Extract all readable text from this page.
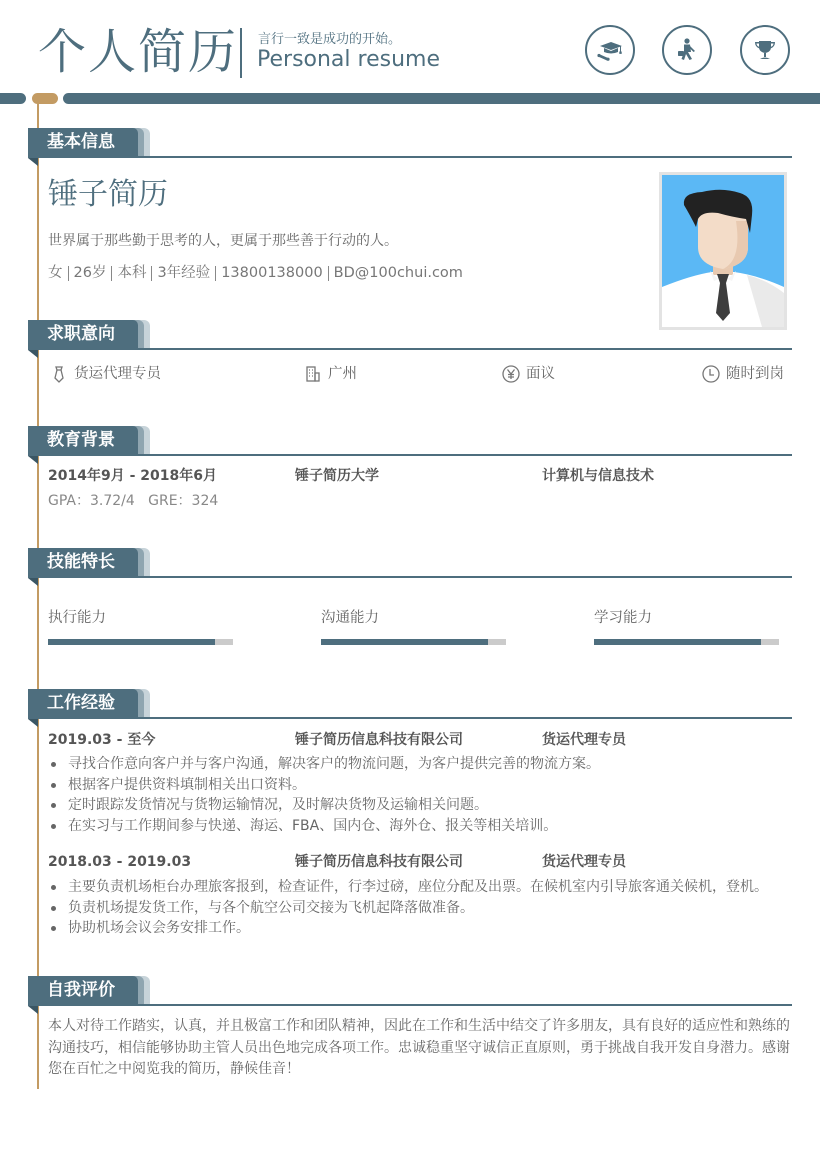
个人简历 言行一致是成功的开始。
Personal resume
基本信息
锤子简历
世界属于那些勤于思考的人，更属于那些善于行动的人。
女 26岁 本科 3年经验 13800138000 BD@100chui.com
求职意向
货运代理专员	广州	面议	随时到岗
教育背景
2014年9月 - 2018年6月	锤子简历大学	计算机与信息技术
GPA：3.72/4   GRE：324
技能特长
执行能力	沟通能力	学习能力
工作经验
2019.03 - 至今	锤子简历信息科技有限公司	货运代理专员
寻找合作意向客户并与客户沟通，解决客户的物流问题，为客户提供完善的物流方案。
根据客户提供资料填制相关出口资料。
定时跟踪发货情况与货物运输情况，及时解决货物及运输相关问题。
在实习与工作期间参与快递、海运、FBA、国内仓、海外仓、报关等相关培训。
2018.03 - 2019.03	锤子简历信息科技有限公司	货运代理专员
主要负责机场柜台办理旅客报到，检查证件，行李过磅，座位分配及出票。在候机室内引导旅客通关候机，登机。
负责机场提发货工作，与各个航空公司交接为飞机起降落做准备。
协助机场会议会务安排工作。
自我评价
本人对待工作踏实，认真，并且极富工作和团队精神，因此在工作和生活中结交了许多朋友，具有良好的适应性和熟练的沟通技巧，相信能够协助主管人员出色地完成各项工作。忠诚稳重坚守诚信正直原则，勇于挑战自我开发自身潜力。感谢您在百忙之中阅览我的简历，静候佳音！
